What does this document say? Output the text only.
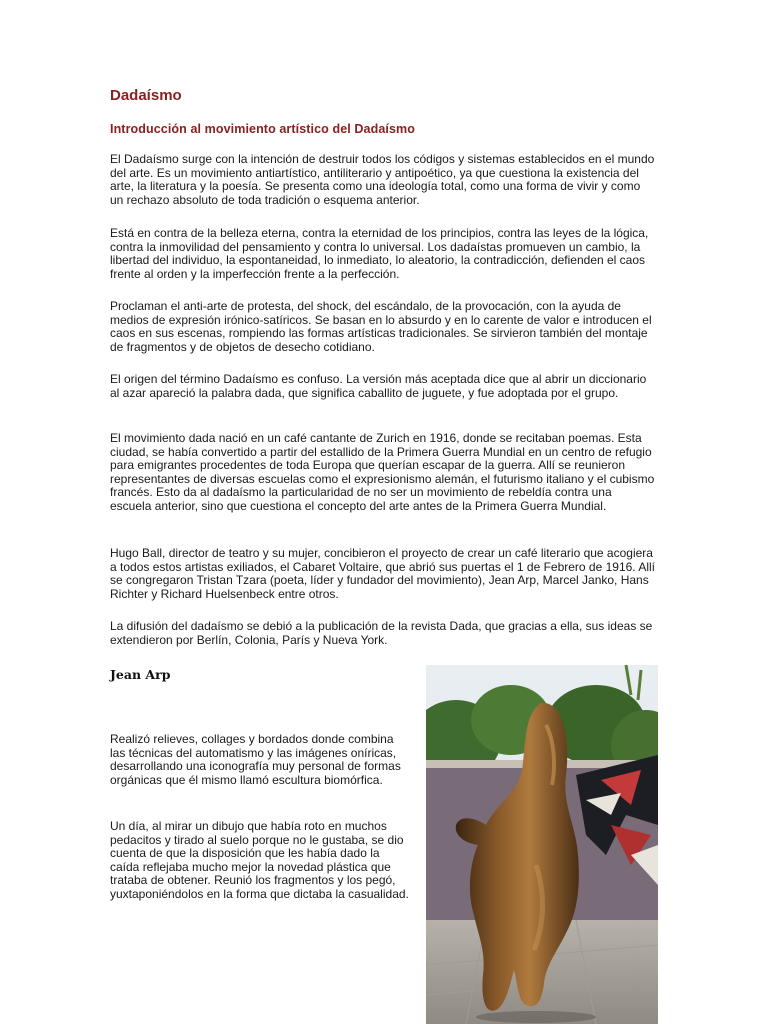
Dadaísmo
Introducción al movimiento artístico del Dadaísmo

El Dadaísmo surge con la intención de destruir todos los códigos y sistemas establecidos en el mundo del arte. Es un movimiento antiartístico, antiliterario y antipoético, ya que cuestiona la existencia del arte, la literatura y la poesía. Se presenta como una ideología total, como una forma de vivir y como un rechazo absoluto de toda tradición o esquema anterior.

Está en contra de la belleza eterna, contra la eternidad de los principios, contra las leyes de la lógica, contra la inmovilidad del pensamiento y contra lo universal. Los dadaístas promueven un cambio, la libertad del individuo, la espontaneidad, lo inmediato, lo aleatorio, la contradicción, defienden el caos frente al orden y la imperfección frente a la perfección.

Proclaman el anti-arte de protesta, del shock, del escándalo, de la provocación, con la ayuda de medios de expresión irónico-satíricos. Se basan en lo absurdo y en lo carente de valor e introducen el caos en sus escenas, rompiendo las formas artísticas tradicionales. Se sirvieron también del montaje de fragmentos y de objetos de desecho cotidiano.

El origen del término Dadaísmo es confuso. La versión más aceptada dice que al abrir un diccionario al azar apareció la palabra dada, que significa caballito de juguete, y fue adoptada por el grupo.

El movimiento dada nació en un café cantante de Zurich en 1916, donde se recitaban poemas. Esta ciudad, se había convertido a partir del estallido de la Primera Guerra Mundial en un centro de refugio para emigrantes procedentes de toda Europa que querían escapar de la guerra. Allí se reunieron representantes de diversas escuelas como el expresionismo alemán, el futurismo italiano y el cubismo francés. Esto da al dadaísmo la particularidad de no ser un movimiento de rebeldía contra una escuela anterior, sino que cuestiona el concepto del arte antes de la Primera Guerra Mundial.

Hugo Ball, director de teatro y su mujer, concibieron el proyecto de crear un café literario que acogiera a todos estos artistas exiliados, el Cabaret Voltaire, que abrió sus puertas el 1 de Febrero de 1916. Allí se congregaron Tristan Tzara (poeta, líder y fundador del movimiento), Jean Arp, Marcel Janko, Hans Richter y Richard Huelsenbeck entre otros.

La difusión del dadaísmo se debió a la publicación de la revista Dada, que gracias a ella, sus ideas se extendieron por Berlín, Colonia, París y Nueva York.

Jean Arp

Realizó relieves, collages y bordados donde combina las técnicas del automatismo y las imágenes oníricas, desarrollando una iconografía muy personal de formas orgánicas que él mismo llamó escultura biomórfica.

Un día, al mirar un dibujo que había roto en muchos pedacitos y tirado al suelo porque no le gustaba, se dio cuenta de que la disposición que les había dado la caída reflejaba mucho mejor la novedad plástica que trataba de obtener. Reunió los fragmentos y los pegó, yuxtaponiéndolos en la forma que dictaba la casualidad.
